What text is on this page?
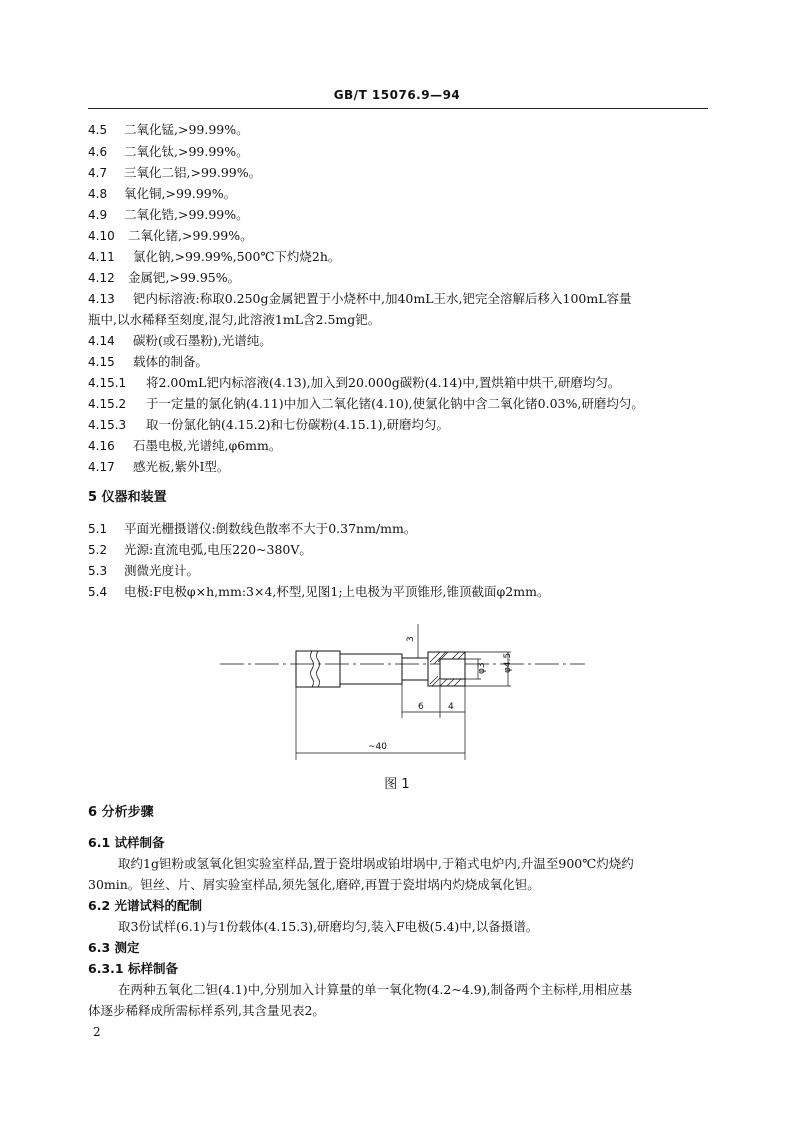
GB/T 15076.9—94
4.5 二氧化锰,>99.99%。
4.6 二氧化钛,>99.99%。
4.7 三氧化二铝,>99.99%。
4.8 氧化铜,>99.99%。
4.9 二氧化锆,>99.99%。
4.10 二氧化锗,>99.99%。
4.11 氯化钠,>99.99%,500℃下灼烧2h。
4.12 金属钯,>99.95%。
4.13 钯内标溶液:称取0.250g金属钯置于小烧杯中,加40mL王水,钯完全溶解后移入100mL容量
瓶中,以水稀释至刻度,混匀,此溶液1mL含2.5mg钯。
4.14 碳粉(或石墨粉),光谱纯。
4.15 载体的制备。
4.15.1 将2.00mL钯内标溶液(4.13),加入到20.000g碳粉(4.14)中,置烘箱中烘干,研磨均匀。
4.15.2 于一定量的氯化钠(4.11)中加入二氧化锗(4.10),使氯化钠中含二氧化锗0.03%,研磨均匀。
4.15.3 取一份氯化钠(4.15.2)和七份碳粉(4.15.1),研磨均匀。
4.16 石墨电极,光谱纯,φ6mm。
4.17 感光板,紫外Ⅰ型。
5 仪器和装置
5.1 平面光栅摄谱仪:倒数线色散率不大于0.37nm/mm。
5.2 光源:直流电弧,电压220~380V。
5.3 测微光度计。
5.4 电极:F电极φ×h,mm:3×4,杯型,见图1;上电极为平顶锥形,锥顶截面φ2mm。
3
φ3 φ4.5
6	4
~40
图 1
6 分析步骤
6.1 试样制备
取约1g钽粉或氢氧化钽实验室样品,置于瓷坩埚或铂坩埚中,于箱式电炉内,升温至900℃灼烧约
30min。钽丝、片、屑实验室样品,须先氢化,磨碎,再置于瓷坩埚内灼烧成氧化钽。
6.2 光谱试料的配制
取3份试样(6.1)与1份载体(4.15.3),研磨均匀,装入F电极(5.4)中,以备摄谱。
6.3 测定
6.3.1 标样制备
在两种五氧化二钽(4.1)中,分别加入计算量的单一氧化物(4.2~4.9),制备两个主标样,用相应基
体逐步稀释成所需标样系列,其含量见表2。
2
